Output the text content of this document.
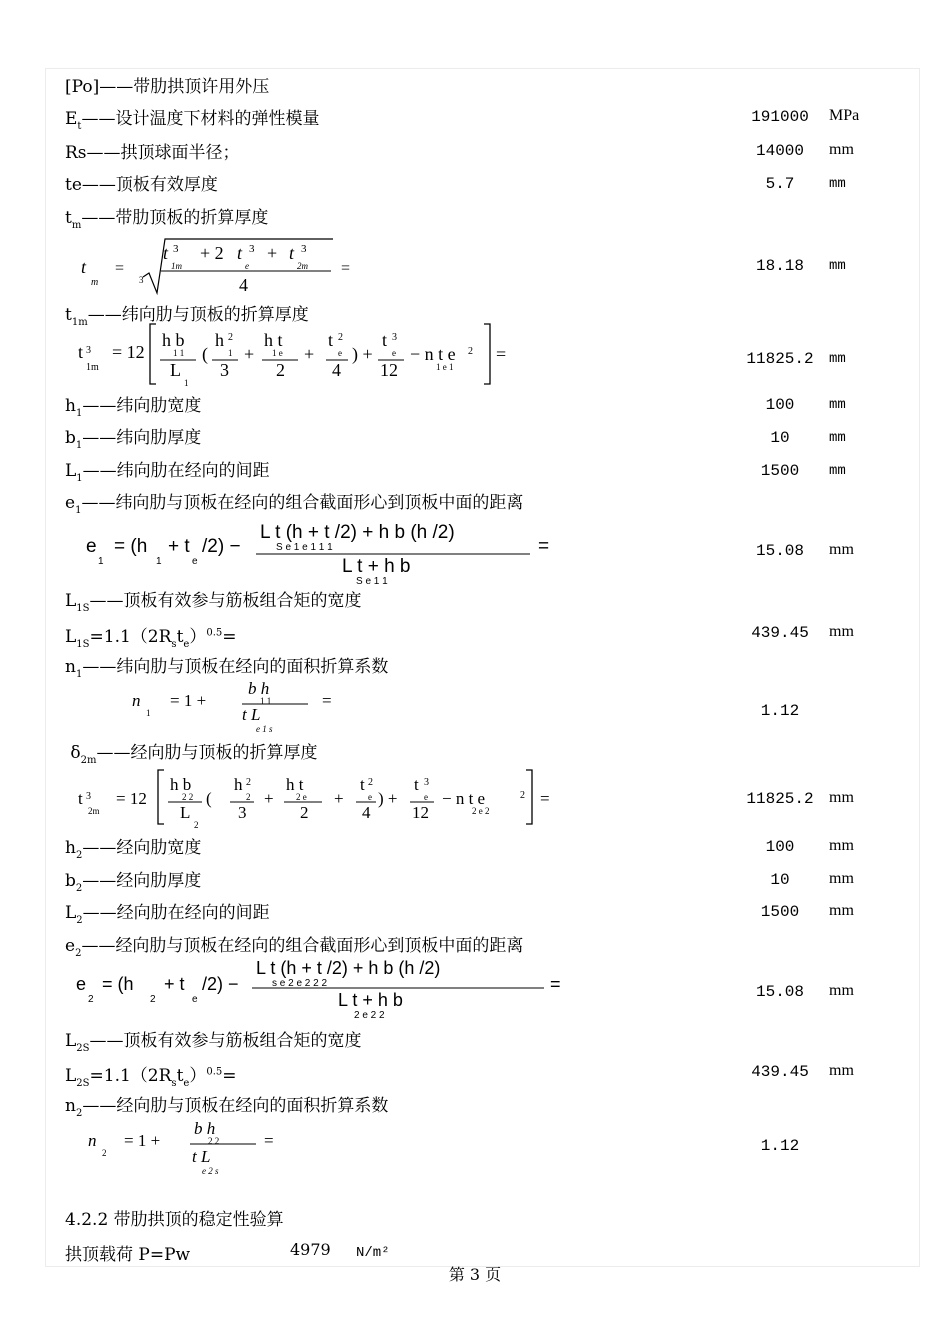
[Po]——带肋拱顶许用外压
$E_t——$设计温度下材料的弹性模量	191000	MPa
Rs——拱顶球面半径；	14000	mm
te——顶板有效厚度	5.7	mm
$t_m——$带肋顶板的折算厚度
t
m
=
3
t 3
1m
+ 2 t 3
e
+ t 3
2m
4
=	18.18	mm
$t_{1m}——$纬向肋与顶板的折算厚度
t 3
1m
= 12
h b
1 1
L
1
(
h 2
1
3
+
h t
1 e
2
+
t 2
e
4
) +
t 3
e
12
− n t e 2
1 e 1
=	11825.2	mm
$h_1——$纬向肋宽度	100	mm
$b_1——$纬向肋厚度	10	mm
$L_1——$纬向肋在经向的间距	1500	mm
$e_1——$纬向肋与顶板在经向的组合截面形心到顶板中面的距离
e
1
= (h
1
+ t
e
/2) −
L t (h + t /2) + h b (h /2)
S e 1 e 1 1 1
L t + h b
S e 1 1
=	15.08	mm
$L_{1S}——$顶板有效参与筋板组合矩的宽度
$L_{1S}=1.1(2R_st_e)^{0.5}=$	439.45	mm
$n_1——$纬向肋与顶板在经向的面积折算系数
n
1
= 1 +
b h
1 1
t L
e 1 s
=
1.12
$\delta_{2m}——$经向肋与顶板的折算厚度
t 3
2m
= 12
h b
2 2
L
2
(
h 2
2
3
+
h t
2 e
2
+
t 2
e
4
) +
t 3
e
12
− n t e	2
2 e 2
=	11825.2 mm
$h_2——$经向肋宽度	100	mm
$b_2——$经向肋厚度	10	mm
$L_2——$经向肋在经向的间距	1500	mm
$e_2——$经向肋与顶板在经向的组合截面形心到顶板中面的距离
e
2
= (h
2
+ t
e
/2) −
L t (h + t /2) + h b (h /2)
s e 2 e 2 2 2
L t + h b
2 e 2 2
=	15.08	mm
$L_{2S}——$顶板有效参与筋板组合矩的宽度
$L_{2S}=1.1(2R_st_e)^{0.5}=$	439.45	mm
$n_2——$经向肋与顶板在经向的面积折算系数
n
2
= 1 +
b h
2 2
t L
e 2 s
=	1.12
4.2.2 带肋拱顶的稳定性验算
拱顶载荷 P=Pw	4979 N/m²
第 3 页
